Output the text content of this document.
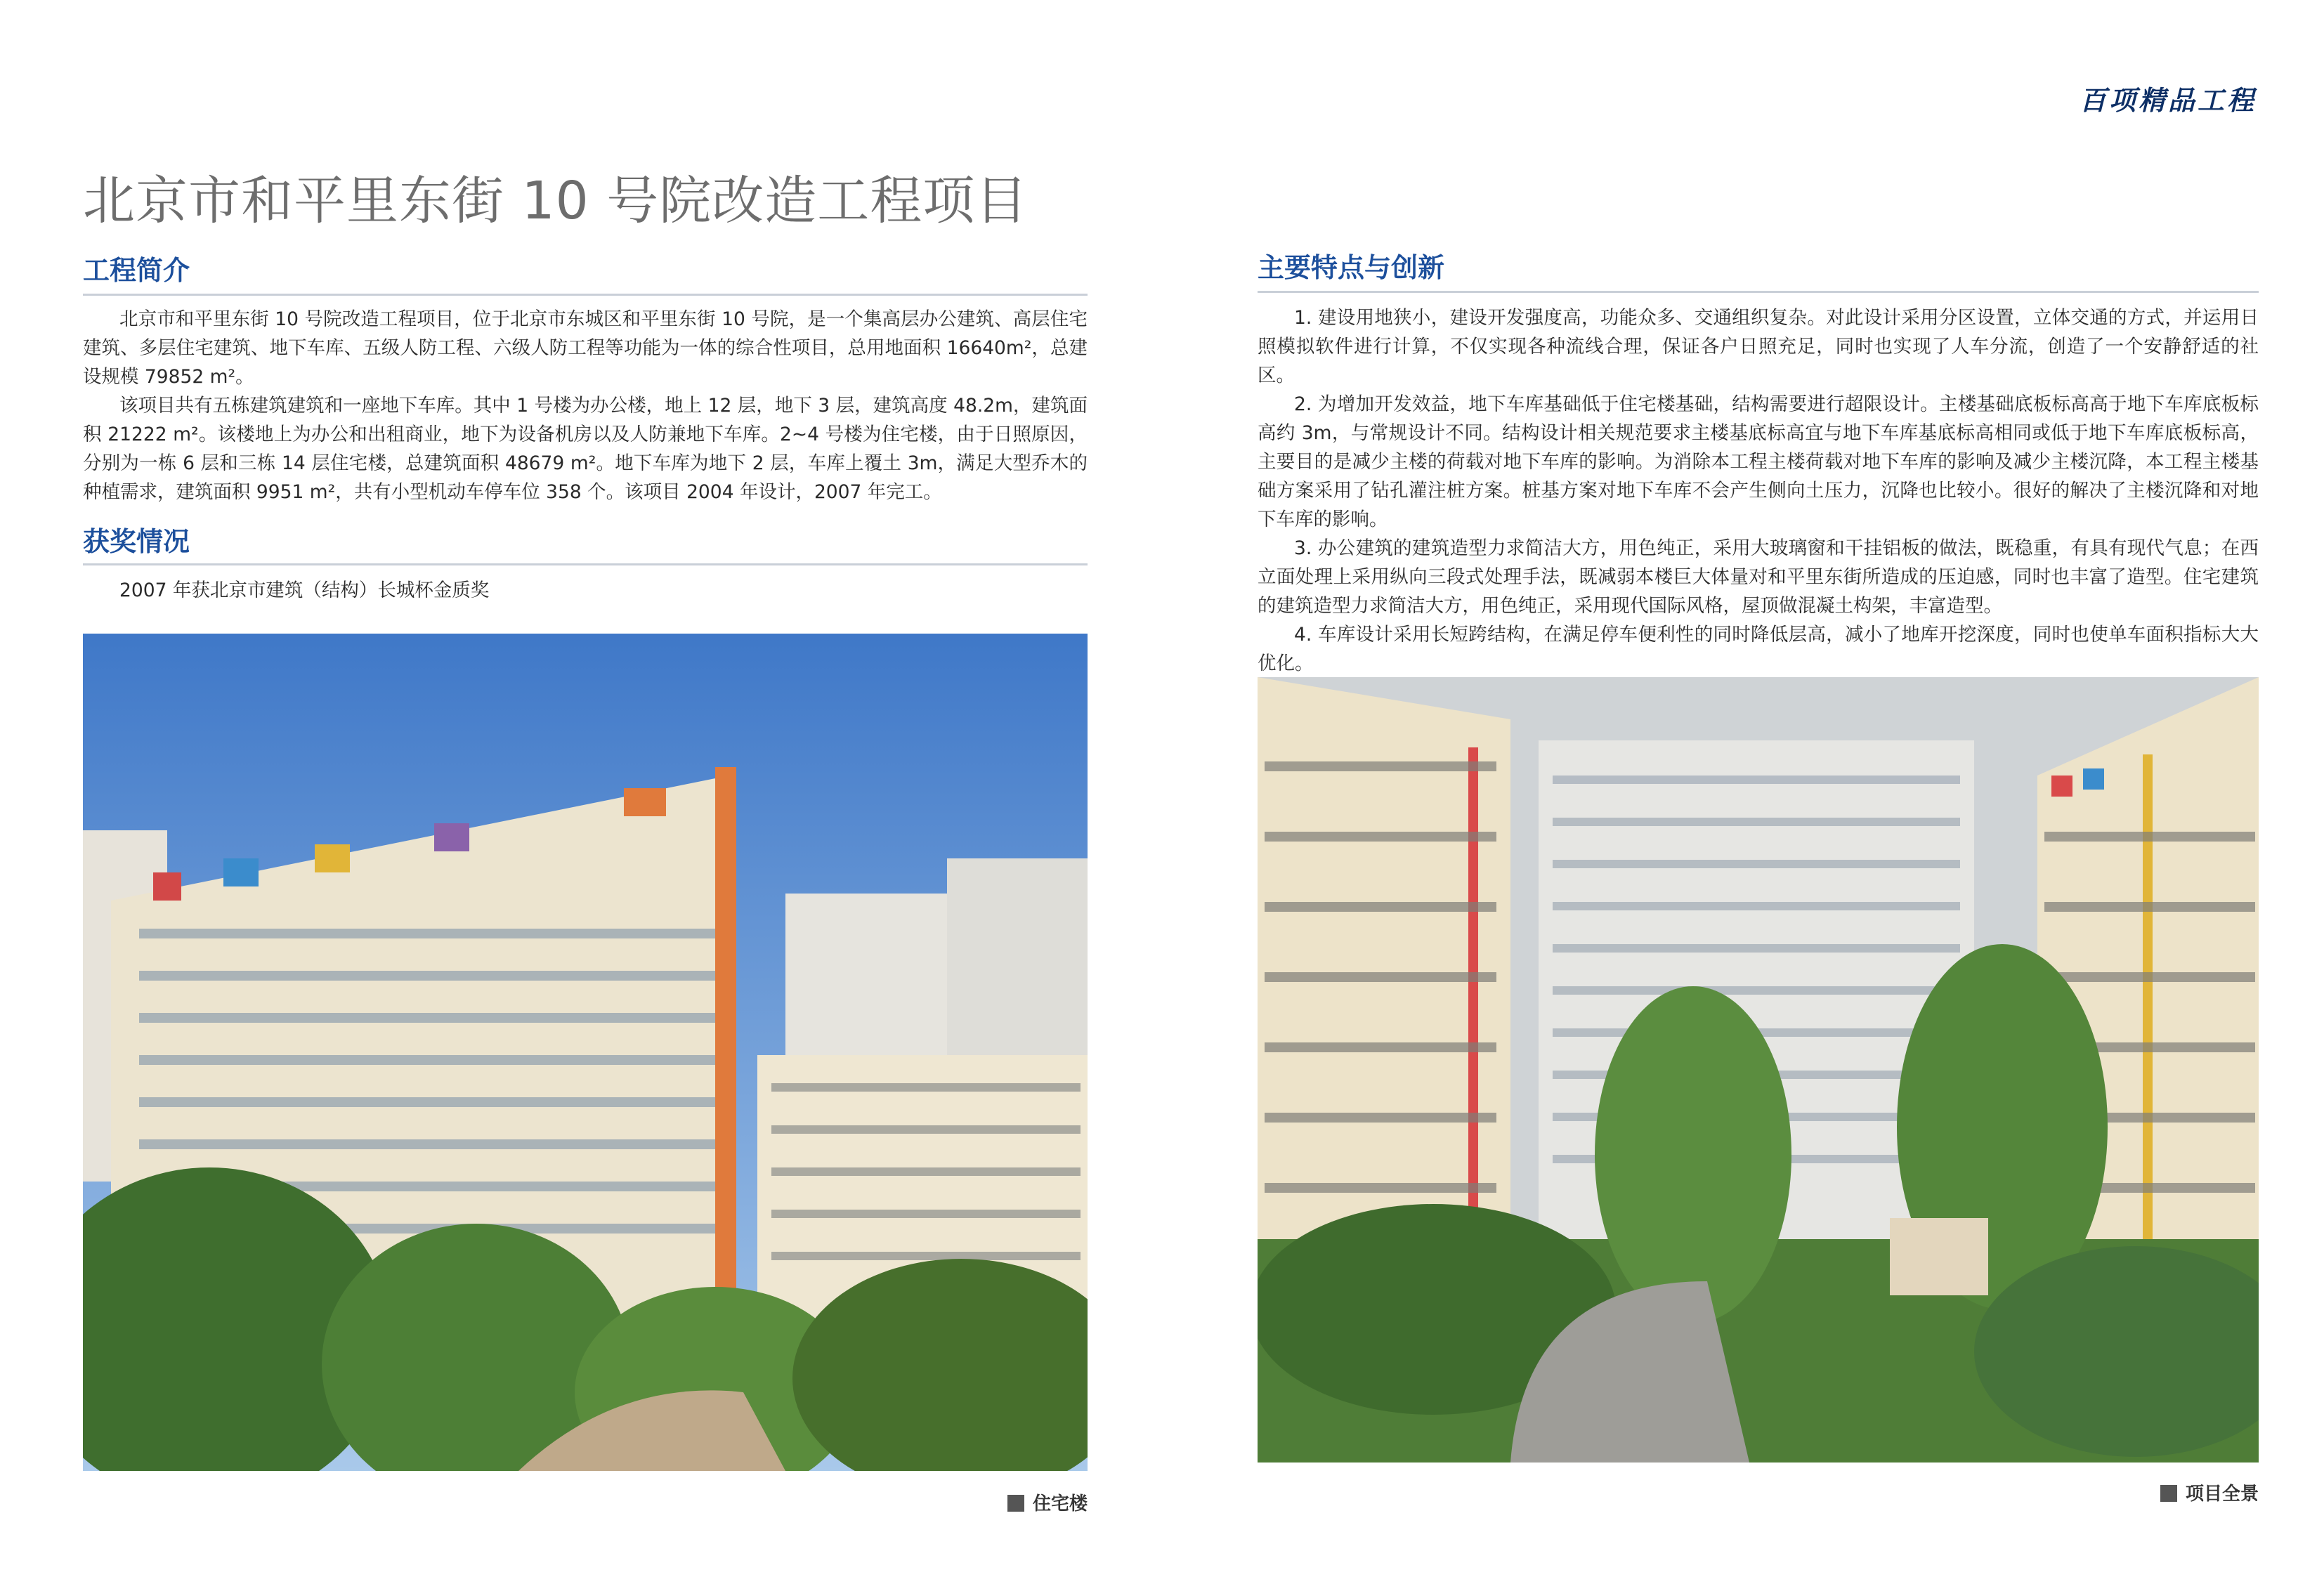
百项精品工程
北京市和平里东街 10 号院改造工程项目
工程简介

北京市和平里东街 10 号院改造工程项目，位于北京市东城区和平里东街 10 号院，是一个集高层办公建筑、高层住宅建筑、多层住宅建筑、地下车库、五级人防工程、六级人防工程等功能为一体的综合性项目，总用地面积 16640m²，总建设规模 79852 m²。

该项目共有五栋建筑建筑和一座地下车库。其中 1 号楼为办公楼，地上 12 层，地下 3 层，建筑高度 48.2m，建筑面积 21222 m²。该楼地上为办公和出租商业，地下为设备机房以及人防兼地下车库。2~4 号楼为住宅楼，由于日照原因，分别为一栋 6 层和三栋 14 层住宅楼，总建筑面积 48679 m²。地下车库为地下 2 层，车库上覆土 3m，满足大型乔木的种植需求，建筑面积 9951 m²，共有小型机动车停车位 358 个。该项目 2004 年设计，2007 年完工。

获奖情况

2007 年获北京市建筑（结构）长城杯金质奖

住宅楼
主要特点与创新

1. 建设用地狭小，建设开发强度高，功能众多、交通组织复杂。对此设计采用分区设置，立体交通的方式，并运用日照模拟软件进行计算，不仅实现各种流线合理，保证各户日照充足，同时也实现了人车分流，创造了一个安静舒适的社区。

2. 为增加开发效益，地下车库基础低于住宅楼基础，结构需要进行超限设计。主楼基础底板标高高于地下车库底板标高约 3m，与常规设计不同。结构设计相关规范要求主楼基底标高宜与地下车库基底标高相同或低于地下车库底板标高，主要目的是减少主楼的荷载对地下车库的影响。为消除本工程主楼荷载对地下车库的影响及减少主楼沉降，本工程主楼基础方案采用了钻孔灌注桩方案。桩基方案对地下车库不会产生侧向土压力，沉降也比较小。很好的解决了主楼沉降和对地下车库的影响。

3. 办公建筑的建筑造型力求简洁大方，用色纯正，采用大玻璃窗和干挂铝板的做法，既稳重，有具有现代气息；在西立面处理上采用纵向三段式处理手法，既减弱本楼巨大体量对和平里东街所造成的压迫感，同时也丰富了造型。住宅建筑的建筑造型力求简洁大方，用色纯正，采用现代国际风格，屋顶做混凝土构架，丰富造型。

4. 车库设计采用长短跨结构，在满足停车便利性的同时降低层高，减小了地库开挖深度，同时也使单车面积指标大大优化。

项目全景
